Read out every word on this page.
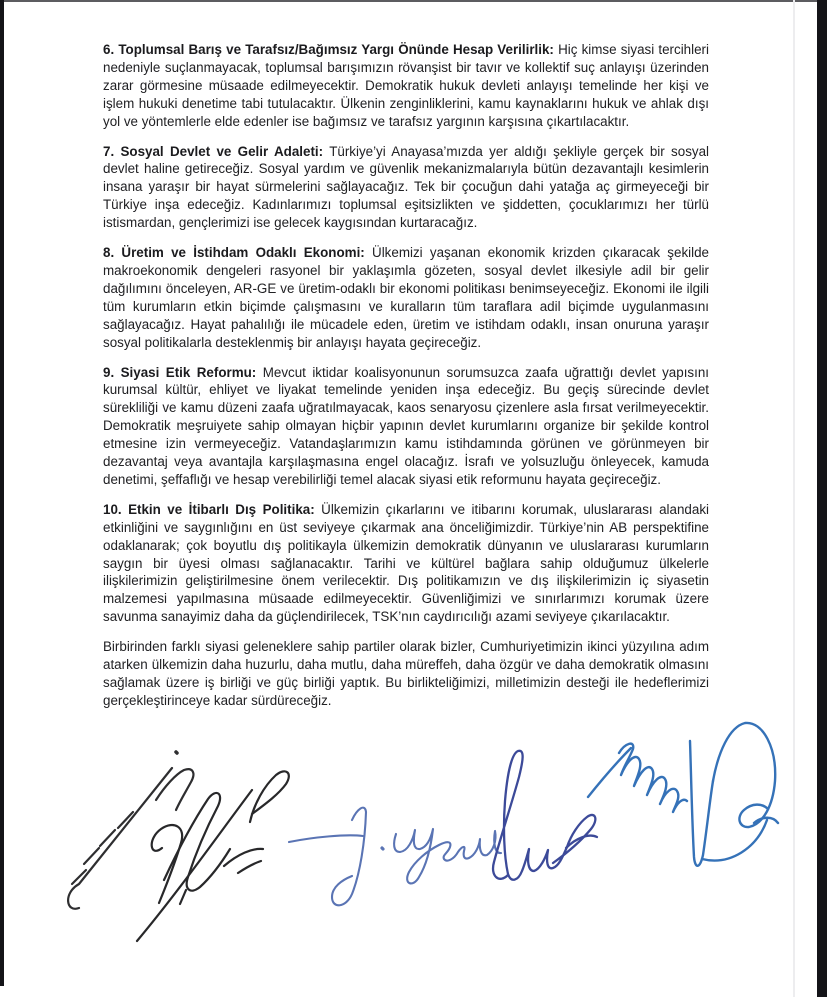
6. Toplumsal Barış ve Tarafsız/Bağımsız Yargı Önünde Hesap Verilirlik: Hiç kimse siyasi tercihleri nedeniyle suçlanmayacak, toplumsal barışımızın rövanşist bir tavır ve kollektif suç anlayışı üzerinden zarar görmesine müsaade edilmeyecektir. Demokratik hukuk devleti anlayışı temelinde her kişi ve işlem hukuki denetime tabi tutulacaktır. Ülkenin zenginliklerini, kamu kaynaklarını hukuk ve ahlak dışı yol ve yöntemlerle elde edenler ise bağımsız ve tarafsız yargının karşısına çıkartılacaktır.

7. Sosyal Devlet ve Gelir Adaleti: Türkiye’yi Anayasa’mızda yer aldığı şekliyle gerçek bir sosyal devlet haline getireceğiz. Sosyal yardım ve güvenlik mekanizmalarıyla bütün dezavantajlı kesimlerin insana yaraşır bir hayat sürmelerini sağlayacağız. Tek bir çocuğun dahi yatağa aç girmeyeceği bir Türkiye inşa edeceğiz. Kadınlarımızı toplumsal eşitsizlikten ve şiddetten, çocuklarımızı her türlü istismardan, gençlerimizi ise gelecek kaygısından kurtaracağız.

8. Üretim ve İstihdam Odaklı Ekonomi: Ülkemizi yaşanan ekonomik krizden çıkaracak şekilde makroekonomik dengeleri rasyonel bir yaklaşımla gözeten, sosyal devlet ilkesiyle adil bir gelir dağılımını önceleyen, AR-GE ve üretim-odaklı bir ekonomi politikası benimseyeceğiz. Ekonomi ile ilgili tüm kurumların etkin biçimde çalışmasını ve kuralların tüm taraflara adil biçimde uygulanmasını sağlayacağız. Hayat pahalılığı ile mücadele eden, üretim ve istihdam odaklı, insan onuruna yaraşır sosyal politikalarla desteklenmiş bir anlayışı hayata geçireceğiz.

9. Siyasi Etik Reformu: Mevcut iktidar koalisyonunun sorumsuzca zaafa uğrattığı devlet yapısını kurumsal kültür, ehliyet ve liyakat temelinde yeniden inşa edeceğiz. Bu geçiş sürecinde devlet sürekliliği ve kamu düzeni zaafa uğratılmayacak, kaos senaryosu çizenlere asla fırsat verilmeyecektir. Demokratik meşruiyete sahip olmayan hiçbir yapının devlet kurumlarını organize bir şekilde kontrol etmesine izin vermeyeceğiz. Vatandaşlarımızın kamu istihdamında görünen ve görünmeyen bir dezavantaj veya avantajla karşılaşmasına engel olacağız. İsrafı ve yolsuzluğu önleyecek, kamuda denetimi, şeffaflığı ve hesap verebilirliği temel alacak siyasi etik reformunu hayata geçireceğiz.

10. Etkin ve İtibarlı Dış Politika: Ülkemizin çıkarlarını ve itibarını korumak, uluslararası alandaki etkinliğini ve saygınlığını en üst seviyeye çıkarmak ana önceliğimizdir. Türkiye’nin AB perspektifine odaklanarak; çok boyutlu dış politikayla ülkemizin demokratik dünyanın ve uluslararası kurumların saygın bir üyesi olması sağlanacaktır. Tarihi ve kültürel bağlara sahip olduğumuz ülkelerle ilişkilerimizin geliştirilmesine önem verilecektir. Dış politikamızın ve dış ilişkilerimizin iç siyasetin malzemesi yapılmasına müsaade edilmeyecektir. Güvenliğimizi ve sınırlarımızı korumak üzere savunma sanayimiz daha da güçlendirilecek, TSK’nın caydırıcılığı azami seviyeye çıkarılacaktır.

Birbirinden farklı siyasi geleneklere sahip partiler olarak bizler, Cumhuriyetimizin ikinci yüzyılına adım atarken ülkemizin daha huzurlu, daha mutlu, daha müreffeh, daha özgür ve daha demokratik olmasını sağlamak üzere iş birliği ve güç birliği yaptık. Bu birlikteliğimizi, milletimizin desteği ile hedeflerimizi gerçekleştirinceye kadar sürdüreceğiz.
